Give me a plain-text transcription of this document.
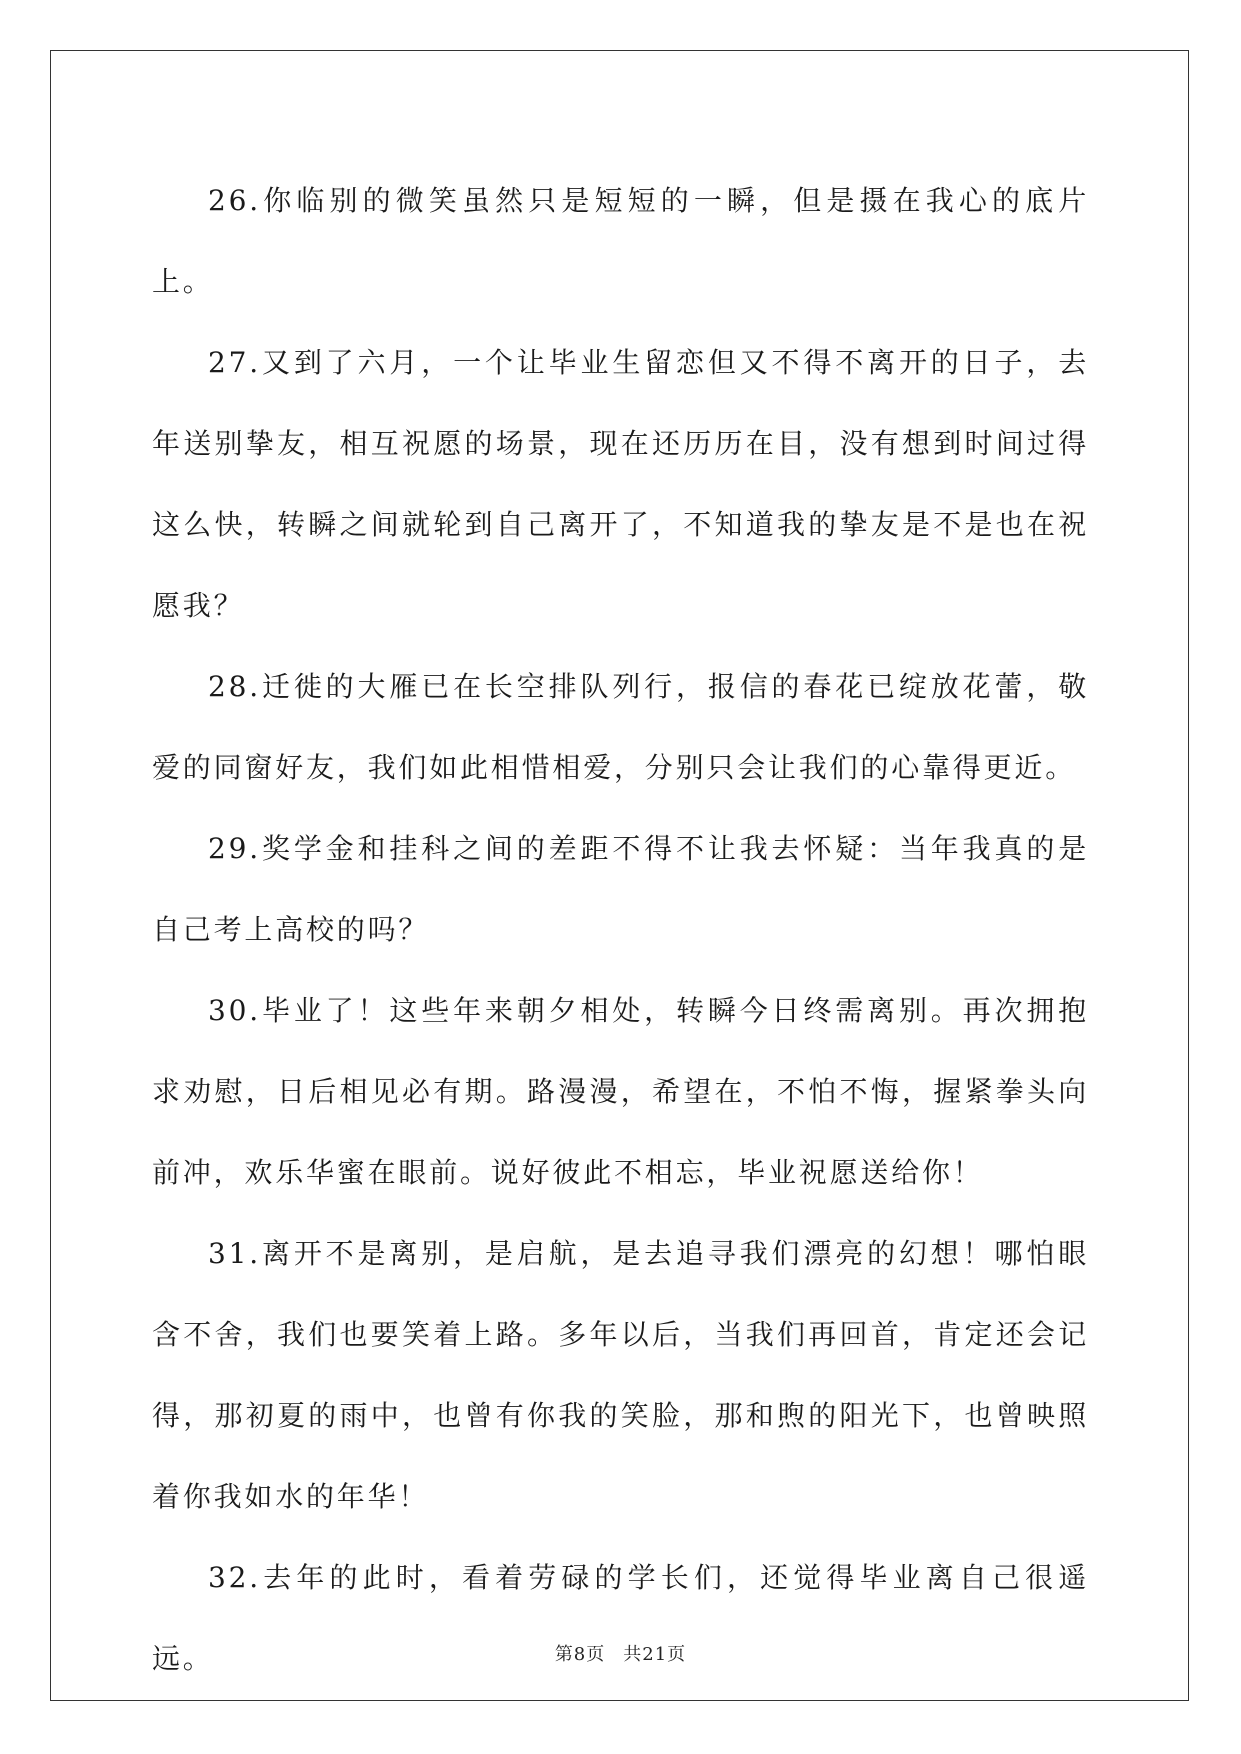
26.你临别的微笑虽然只是短短的一瞬，但是摄在我心的底片上。

27.又到了六月，一个让毕业生留恋但又不得不离开的日子，去年送别挚友，相互祝愿的场景，现在还历历在目，没有想到时间过得这么快，转瞬之间就轮到自己离开了，不知道我的挚友是不是也在祝愿我？

28.迁徙的大雁已在长空排队列行，报信的春花已绽放花蕾，敬爱的同窗好友，我们如此相惜相爱，分别只会让我们的心靠得更近。

29.奖学金和挂科之间的差距不得不让我去怀疑：当年我真的是自己考上高校的吗？

30.毕业了！这些年来朝夕相处，转瞬今日终需离别。再次拥抱求劝慰，日后相见必有期。路漫漫，希望在，不怕不悔，握紧拳头向前冲，欢乐华蜜在眼前。说好彼此不相忘，毕业祝愿送给你！

31.离开不是离别，是启航，是去追寻我们漂亮的幻想！哪怕眼含不舍，我们也要笑着上路。多年以后，当我们再回首，肯定还会记得，那初夏的雨中，也曾有你我的笑脸，那和煦的阳光下，也曾映照着你我如水的年华！

32.去年的此时，看着劳碌的学长们，还觉得毕业离自己很遥远。	第8页 共21页
